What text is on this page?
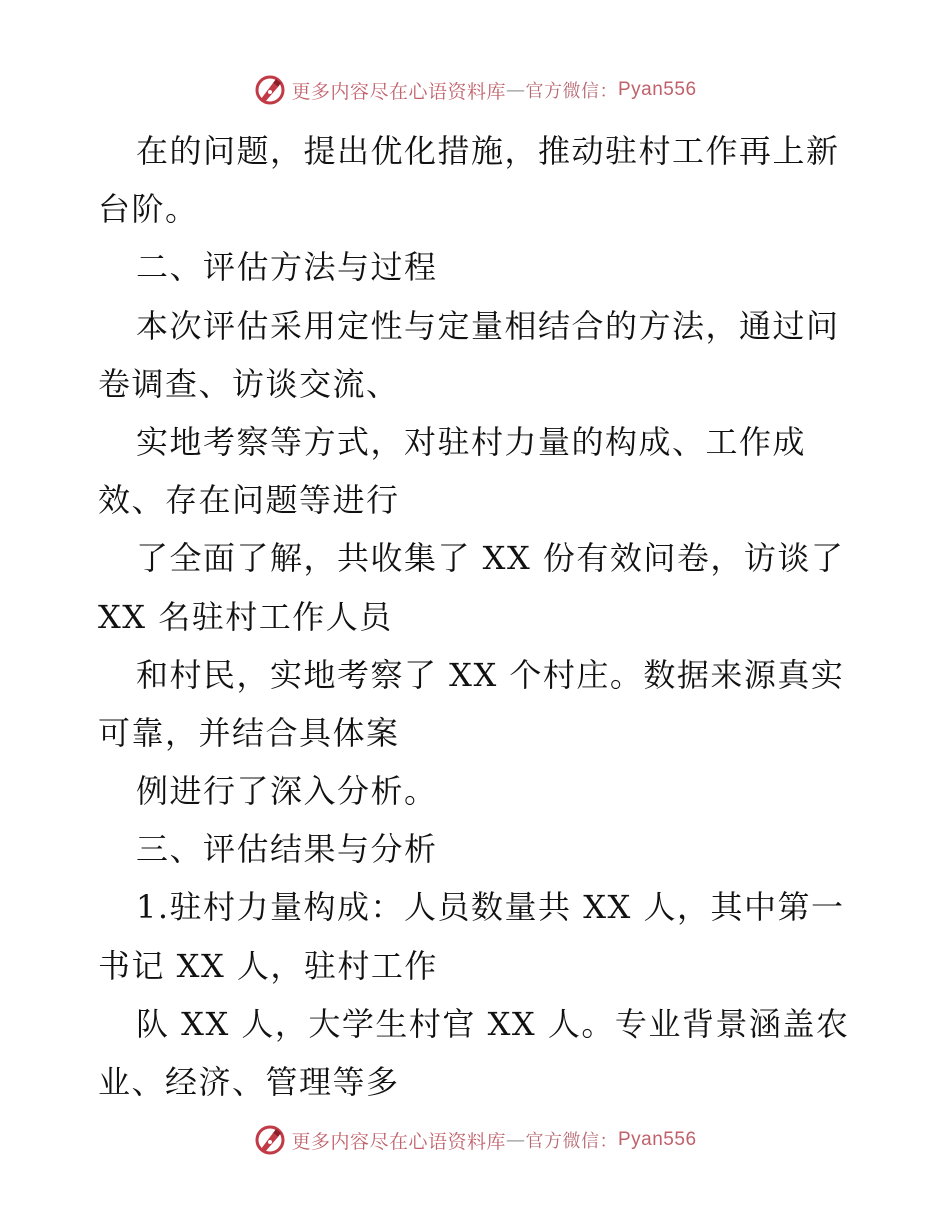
更多内容尽在心语资料库 — 官方微信： Pyan556
在的问题，提出优化措施，推动驻村工作再上新
台阶。
二、评估方法与过程
本次评估采用定性与定量相结合的方法，通过问
卷调查、访谈交流、
实地考察等方式，对驻村力量的构成、工作成
效、存在问题等进行
了全面了解，共收集了 XX 份有效问卷，访谈了
XX 名驻村工作人员
和村民，实地考察了 XX 个村庄。数据来源真实
可靠，并结合具体案
例进行了深入分析。
三、评估结果与分析
1.驻村力量构成：人员数量共 XX 人，其中第一
书记 XX 人，驻村工作
队 XX 人，大学生村官 XX 人。专业背景涵盖农
业、经济、管理等多
更多内容尽在心语资料库 — 官方微信： Pyan556
